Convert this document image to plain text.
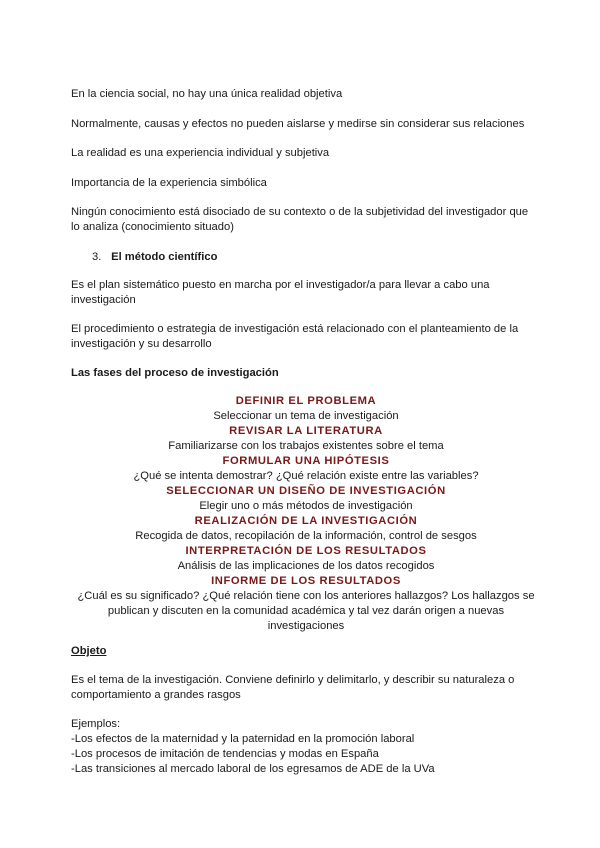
En la ciencia social, no hay una única realidad objetiva

Normalmente, causas y efectos no pueden aislarse y medirse sin considerar sus relaciones

La realidad es una experiencia individual y subjetiva

Importancia de la experiencia simbólica

Ningún conocimiento está disociado de su contexto o de la subjetividad del investigador que lo analiza (conocimiento situado)

3. El método científico

Es el plan sistemático puesto en marcha por el investigador/a para llevar a cabo una investigación

El procedimiento o estrategia de investigación está relacionado con el planteamiento de la investigación y su desarrollo

Las fases del proceso de investigación

DEFINIR EL PROBLEMA
Seleccionar un tema de investigación
REVISAR LA LITERATURA
Familiarizarse con los trabajos existentes sobre el tema
FORMULAR UNA HIPÓTESIS
¿Qué se intenta demostrar? ¿Qué relación existe entre las variables?
SELECCIONAR UN DISEÑO DE INVESTIGACIÓN
Elegir uno o más métodos de investigación
REALIZACIÓN DE LA INVESTIGACIÓN
Recogida de datos, recopilación de la información, control de sesgos
INTERPRETACIÓN DE LOS RESULTADOS
Análisis de las implicaciones de los datos recogidos
INFORME DE LOS RESULTADOS
¿Cuál es su significado? ¿Qué relación tiene con los anteriores hallazgos? Los hallazgos se publican y discuten en la comunidad académica y tal vez darán origen a nuevas investigaciones

Objeto

Es el tema de la investigación. Conviene definirlo y delimitarlo, y describir su naturaleza o comportamiento a grandes rasgos

Ejemplos:
-Los efectos de la maternidad y la paternidad en la promoción laboral
-Los procesos de imitación de tendencias y modas en España
-Las transiciones al mercado laboral de los egresamos de ADE de la UVa
